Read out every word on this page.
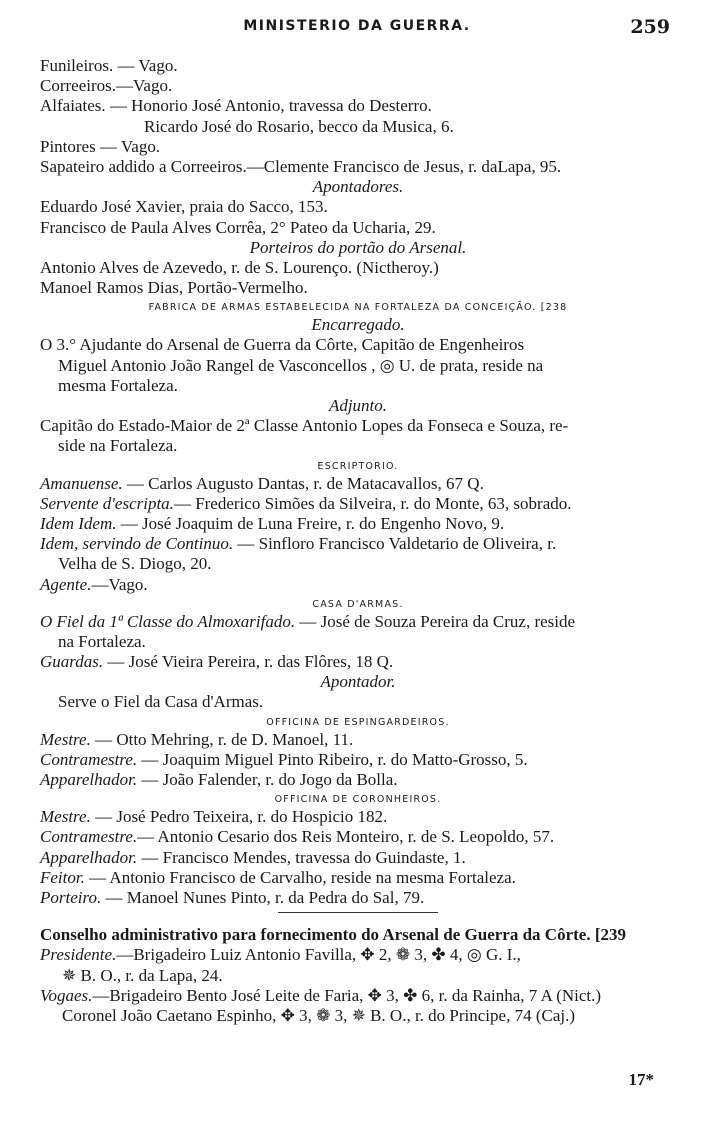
MINISTERIO DA GUERRA.	259
Funileiros. — Vago.
Correeiros.—Vago.
Alfaiates. — Honorio José Antonio, travessa do Desterro.
Ricardo José do Rosario, becco da Musica, 6.
Pintores — Vago.
Sapateiro addido a Correeiros.—Clemente Francisco de Jesus, r. daLapa, 95.
Apontadores.
Eduardo José Xavier, praia do Sacco, 153.
Francisco de Paula Alves Corrêa, 2° Pateo da Ucharia, 29.
Porteiros do portão do Arsenal.
Antonio Alves de Azevedo, r. de S. Lourenço. (Nictheroy.)
Manoel Ramos Dias, Portão-Vermelho.
FABRICA DE ARMAS ESTABELECIDA NA FORTALEZA DA CONCEIÇÃO. [238
Encarregado.
O 3.° Ajudante do Arsenal de Guerra da Côrte, Capitão de Engenheiros
Miguel Antonio João Rangel de Vasconcellos , ◎ U. de prata, reside na
mesma Fortaleza.
Adjunto.
Capitão do Estado-Maior de 2ª Classe Antonio Lopes da Fonseca e Souza, re-
side na Fortaleza.
ESCRIPTORIO.
Amanuense. — Carlos Augusto Dantas, r. de Matacavallos, 67 Q.
Servente d'escripta.— Frederico Simões da Silveira, r. do Monte, 63, sobrado.
Idem Idem. — José Joaquim de Luna Freire, r. do Engenho Novo, 9.
Idem, servindo de Continuo. — Sinfloro Francisco Valdetario de Oliveira, r.
Velha de S. Diogo, 20.
Agente.—Vago.
CASA D'ARMAS.
O Fiel da 1ª Classe do Almoxarifado. — José de Souza Pereira da Cruz, reside
na Fortaleza.
Guardas. — José Vieira Pereira, r. das Flôres, 18 Q.
Apontador.
Serve o Fiel da Casa d'Armas.
OFFICINA DE ESPINGARDEIROS.
Mestre. — Otto Mehring, r. de D. Manoel, 11.
Contramestre. — Joaquim Miguel Pinto Ribeiro, r. do Matto-Grosso, 5.
Apparelhador. — João Falender, r. do Jogo da Bolla.
OFFICINA DE CORONHEIROS.
Mestre. — José Pedro Teixeira, r. do Hospicio 182.
Contramestre.— Antonio Cesario dos Reis Monteiro, r. de S. Leopoldo, 57.
Apparelhador. — Francisco Mendes, travessa do Guindaste, 1.
Feitor. — Antonio Francisco de Carvalho, reside na mesma Fortaleza.
Porteiro. — Manoel Nunes Pinto, r. da Pedra do Sal, 79.
Conselho administrativo para fornecimento do Arsenal de Guerra da Côrte. [239
Presidente.—Brigadeiro Luiz Antonio Favilla, ✥ 2, ❁ 3, ✤ 4, ◎ G. I.,
✵ B. O., r. da Lapa, 24.
Vogaes.—Brigadeiro Bento José Leite de Faria, ✥ 3, ✤ 6, r. da Rainha, 7 A (Nict.)
Coronel João Caetano Espinho, ✥ 3, ❁ 3, ✵ B. O., r. do Principe, 74 (Caj.)
17*
